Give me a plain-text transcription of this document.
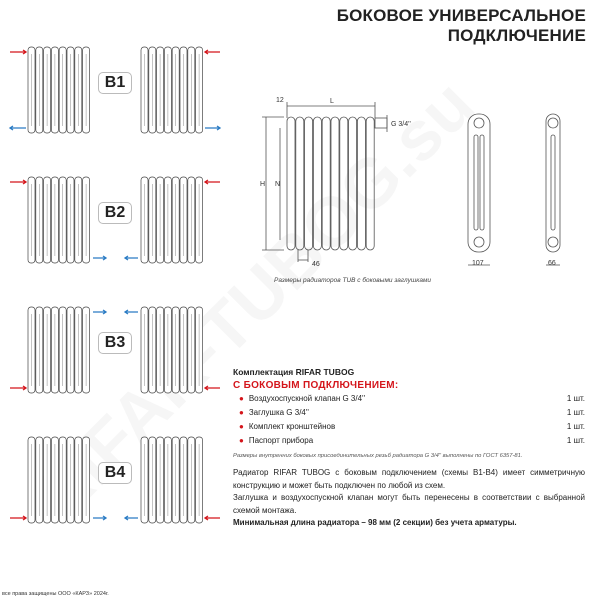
БОКОВОЕ УНИВЕРСАЛЬНОЕ
ПОДКЛЮЧЕНИЕ
B1
B2
B3
B4
12	L
H N
46
G 3/4''
107	66
Размеры радиаторов TUB с боковыми заглушками
Комплектация RIFAR TUBOG
С БОКОВЫМ ПОДКЛЮЧЕНИЕМ:
● Воздухоспускной клапан G 3/4''	1 шт.
● Заглушка G 3/4''	1 шт.
● Комплект кронштейнов	1 шт.
● Паспорт прибора	1 шт.
Размеры внутренних боковых присоединительных резьб радиатора G 3/4'' выполнены по ГОСТ 6357-81.
Радиатор RIFAR TUBOG с боковым подключением (схемы B1-B4) имеет симметричную конструкцию и может быть подключен по любой из схем.
Заглушка и воздухоспускной клапан могут быть перенесены в соответствии с выбранной схемой монтажа.
Минимальная длина радиатора – 98 мм (2 секции) без учета арматуры.
все права защищены ООО «КАРЗ» 2024г.
